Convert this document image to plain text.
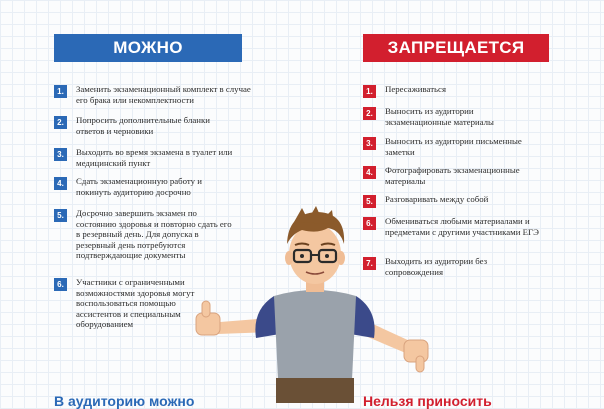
МОЖНО	ЗАПРЕЩАЕТСЯ
1.	Заменить экзаменационный комплект в случае его брака или некомплектности
2.	Попросить дополнительные бланки ответов и черновики
3.	Выходить во время экзамена в туалет или медицинский пункт
4.	Сдать экзаменационную работу и покинуть аудиторию досрочно
5.	Досрочно завершить экзамен по состоянию здоровья и повторно сдать его в резервный день. Для допуска в резервный день потребуются подтверждающие документы
6.	Участники с ограниченными возможностями здоровья могут воспользоваться помощью ассистентов и специальным оборудованием
1.	Пересаживаться
2.	Выносить из аудитории экзаменационные материалы
3.	Выносить из аудитории письменные заметки
4.	Фотографировать экзаменационные материалы
5.	Разговаривать между собой
6.	Обмениваться любыми материалами и предметами с другими участниками ЕГЭ
7.	Выходить из аудитории без сопровождения
В аудиторию можно	Нельзя приносить
